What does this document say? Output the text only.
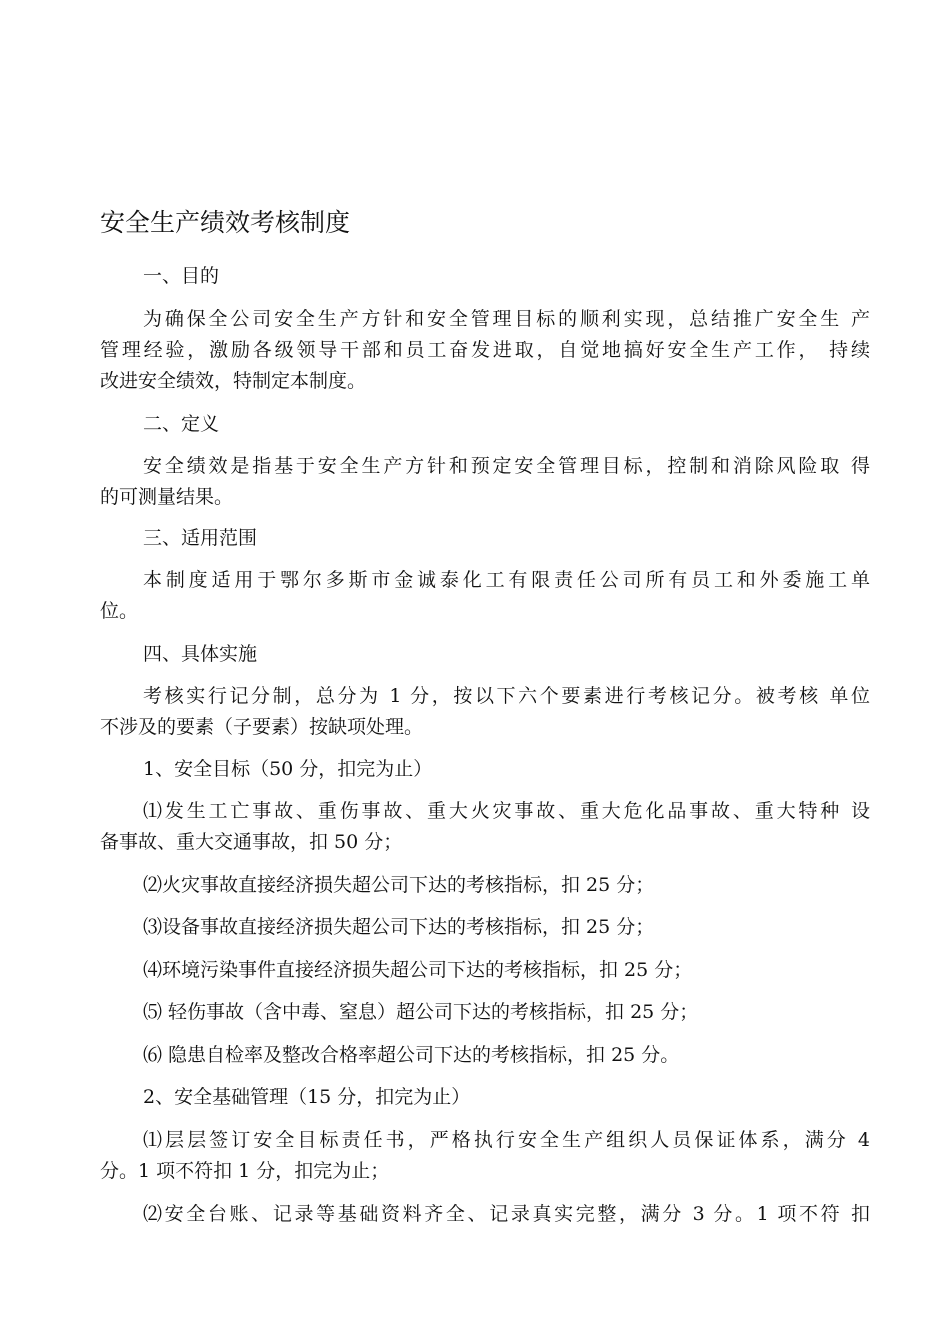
安全生产绩效考核制度
一、目的
为确保全公司安全生产方针和安全管理目标的顺利实现，总结推广安全生 产
管理经验，激励各级领导干部和员工奋发进取，自觉地搞好安全生产工作， 持续
改进安全绩效，特制定本制度。
二、定义
安全绩效是指基于安全生产方针和预定安全管理目标，控制和消除风险取 得
的可测量结果。
三、适用范围
本制度适用于鄂尔多斯市金诚泰化工有限责任公司所有员工和外委施工单
位。
四、具体实施
考核实行记分制，总分为 1 分，按以下六个要素进行考核记分。被考核 单位
不涉及的要素（子要素）按缺项处理。
1、安全目标（50 分，扣完为止）
⑴发生工亡事故、重伤事故、重大火灾事故、重大危化品事故、重大特种 设
备事故、重大交通事故，扣 50 分；
⑵火灾事故直接经济损失超公司下达的考核指标，扣 25 分；
⑶设备事故直接经济损失超公司下达的考核指标，扣 25 分；
⑷环境污染事件直接经济损失超公司下达的考核指标，扣 25 分；
⑸ 轻伤事故（含中毒、窒息）超公司下达的考核指标，扣 25 分；
⑹ 隐患自检率及整改合格率超公司下达的考核指标，扣 25 分。
2、安全基础管理（15 分，扣完为止）
⑴层层签订安全目标责任书，严格执行安全生产组织人员保证体系，满分 4
分。1 项不符扣 1 分，扣完为止；
⑵安全台账、记录等基础资料齐全、记录真实完整，满分 3 分。1 项不符 扣
